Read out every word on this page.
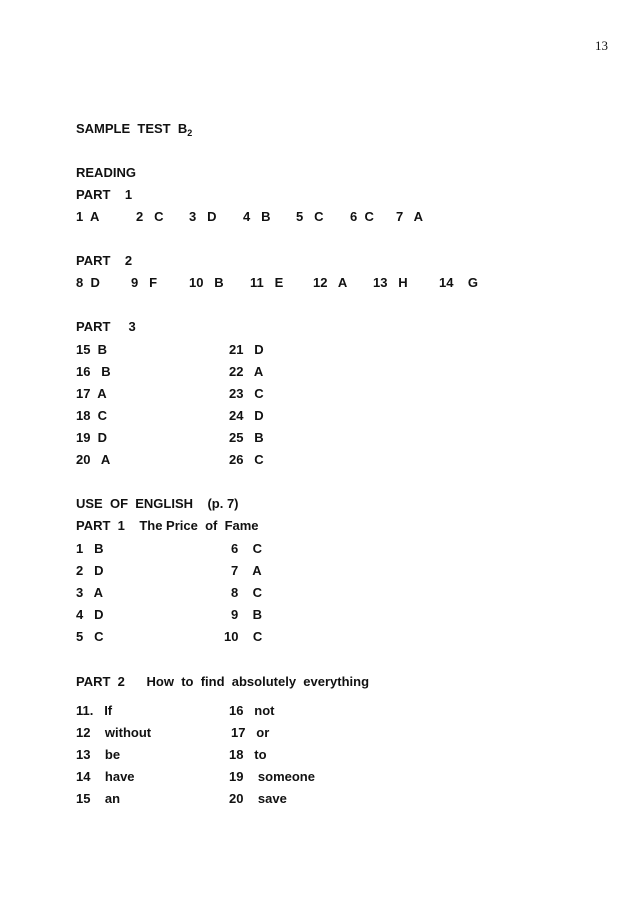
13
SAMPLE  TEST  $B_2$
READING
PART    1
1  A	2   C 3   D 4   B 5   C 6  C 7   A
PART    2
8  D 9   F 10   B 11   E 12   A 13   H 14    G
PART     3
15  B
16   B
17  A
18  C
19  D
20   A
21   D
22   A
23   C
24   D
25   B
26   C
USE  OF  ENGLISH    (p. 7)
PART  1    The Price  of  Fame
1   B
2   D
3   A
4   D
5   C
6    C
7    A
8    C
9    B
10    C
PART  2      How  to  find  absolutely  everything
11.   If
12    without
13    be
14    have
15    an
16   not
17   or
18   to
19    someone
20    save
